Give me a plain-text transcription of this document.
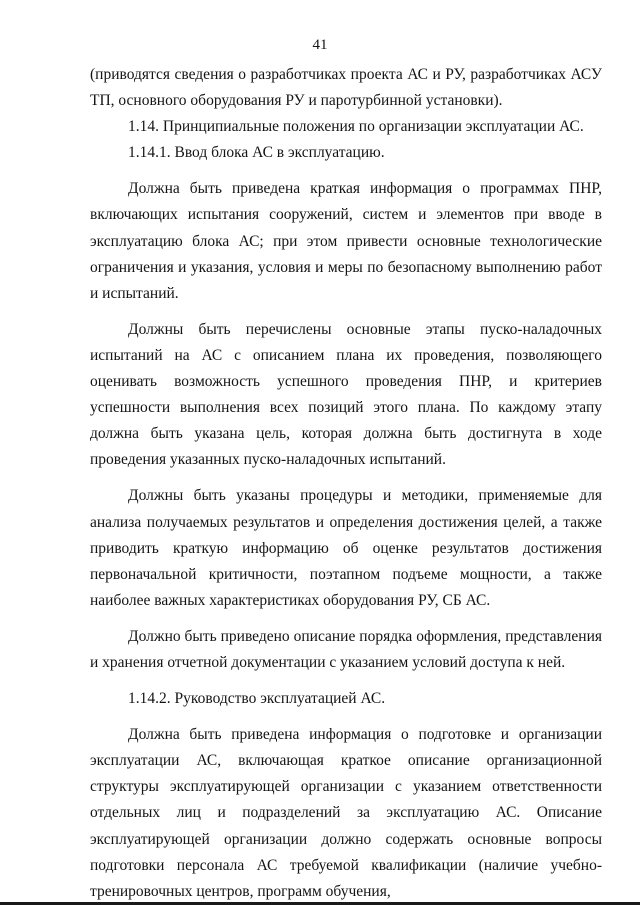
41

(приводятся сведения о разработчиках проекта АС и РУ, разработчиках АСУ ТП, основного оборудования РУ и паротурбинной установки).

1.14. Принципиальные положения по организации эксплуатации АС.

1.14.1. Ввод блока АС в эксплуатацию.

Должна быть приведена краткая информация о программах ПНР, включающих испытания сооружений, систем и элементов при вводе в эксплуатацию блока АС; при этом привести основные технологические ограничения и указания, условия и меры по безопасному выполнению работ и испытаний.

Должны быть перечислены основные этапы пуско-наладочных испытаний на АС с описанием плана их проведения, позволяющего оценивать возможность успешного проведения ПНР, и критериев успешности выполнения всех позиций этого плана. По каждому этапу должна быть указана цель, которая должна быть достигнута в ходе проведения указанных пуско-наладочных испытаний.

Должны быть указаны процедуры и методики, применяемые для анализа получаемых результатов и определения достижения целей, а также приводить краткую информацию об оценке результатов достижения первоначальной критичности, поэтапном подъеме мощности, а также наиболее важных характеристиках оборудования РУ, СБ АС.

Должно быть приведено описание порядка оформления, представления и хранения отчетной документации с указанием условий доступа к ней.

1.14.2. Руководство эксплуатацией АС.

Должна быть приведена информация о подготовке и организации эксплуатации АС, включающая краткое описание организационной структуры эксплуатирующей организации с указанием ответственности отдельных лиц и подразделений за эксплуатацию АС. Описание эксплуатирующей организации должно содержать основные вопросы подготовки персонала АС требуемой квалификации (наличие учебно-тренировочных центров, программ обучения,
